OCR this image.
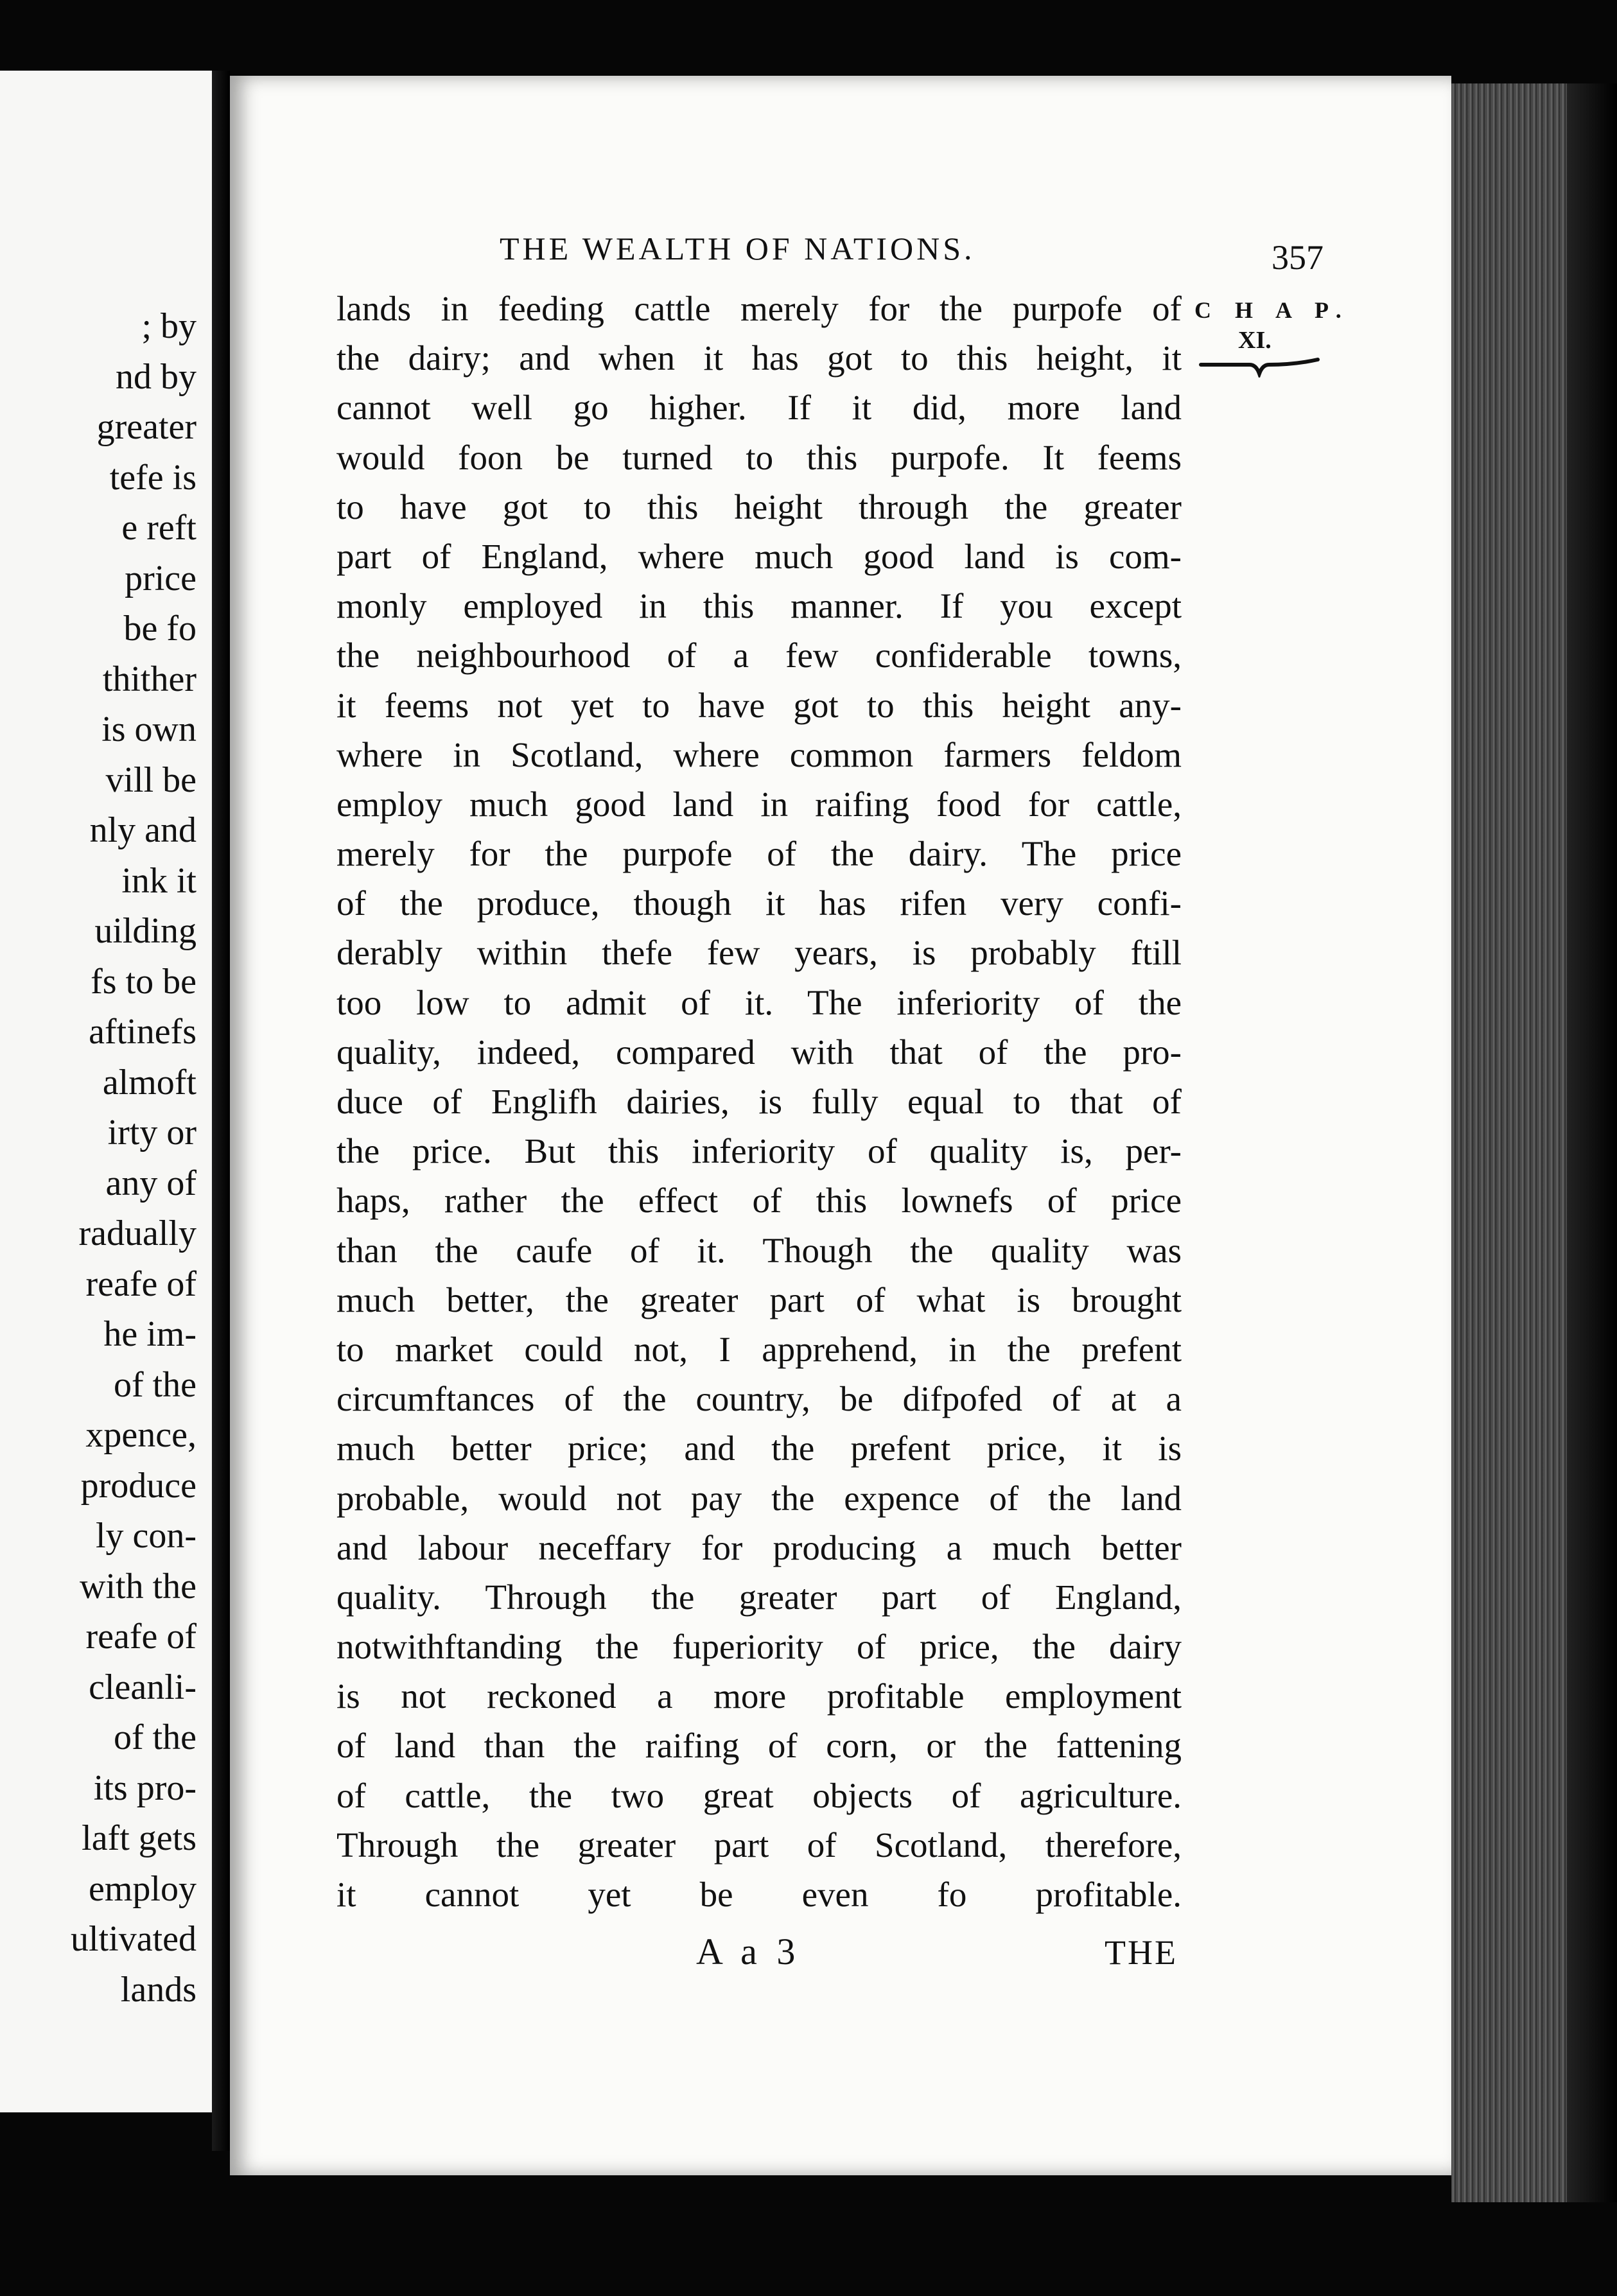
; by
nd by
greater
tefe is
e reft
price
be fo
thither
is own
vill be
nly and
ink it
uilding
fs to be
aftinefs
almoft
irty or
any of
radually
reafe of
he im-
of the
xpence,
produce
ly con-
with the
reafe of
cleanli-
of the
its pro-
laft gets
employ
ultivated
lands
THE WEALTH OF NATIONS.	357
C H A P.
XI.
lands in feeding cattle merely for the purpofe of
the dairy; and when it has got to this height, it
cannot well go higher. If it did, more land
would foon be turned to this purpofe. It feems
to have got to this height through the greater
part of England, where much good land is com-
monly employed in this manner. If you except
the neighbourhood of a few confiderable towns,
it feems not yet to have got to this height any-
where in Scotland, where common farmers feldom
employ much good land in raifing food for cattle,
merely for the purpofe of the dairy. The price
of the produce, though it has rifen very confi-
derably within thefe few years, is probably ftill
too low to admit of it. The inferiority of the
quality, indeed, compared with that of the pro-
duce of Englifh dairies, is fully equal to that of
the price. But this inferiority of quality is, per-
haps, rather the effect of this lownefs of price
than the caufe of it. Though the quality was
much better, the greater part of what is brought
to market could not, I apprehend, in the prefent
circumftances of the country, be difpofed of at a
much better price; and the prefent price, it is
probable, would not pay the expence of the land
and labour neceffary for producing a much better
quality. Through the greater part of England,
notwithftanding the fuperiority of price, the dairy
is not reckoned a more profitable employment
of land than the raifing of corn, or the fattening
of cattle, the two great objects of agriculture.
Through the greater part of Scotland, therefore,
it cannot yet be even fo profitable.
A a 3	THE
